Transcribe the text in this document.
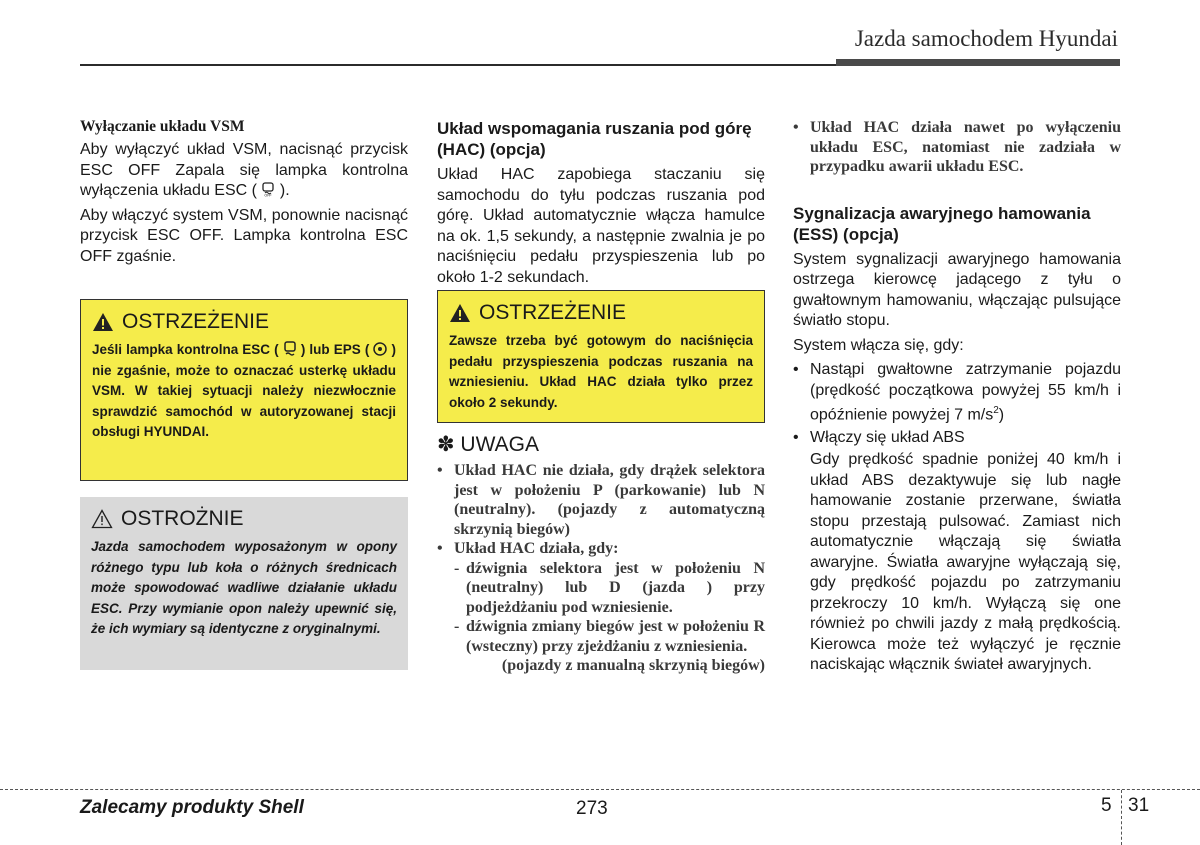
Jazda samochodem Hyundai
Wyłączanie układu VSM

Aby wyłączyć układ VSM, nacisnąć przycisk ESC OFF Zapala się lampka kontrolna wyłączenia układu ESC ( OFF ).

Aby włączyć system VSM, ponownie nacisnąć przycisk ESC OFF. Lampka kontrolna ESC OFF zgaśnie.

OSTRZEŻENIE

Jeśli lampka kontrolna ESC ( ) lub EPS ( ) nie zgaśnie, może to oznaczać usterkę układu VSM. W takiej sytuacji należy niezwłocznie sprawdzić samochód w autoryzowanej stacji obsługi HYUNDAI.

OSTROŻNIE

Jazda samochodem wyposażonym w opony różnego typu lub koła o różnych średnicach może spowodować wadliwe działanie układu ESC. Przy wymianie opon należy upewnić się, że ich wymiary są identyczne z oryginalnymi.

Układ wspomagania ruszania pod górę (HAC) (opcja)

Układ HAC zapobiega staczaniu się samochodu do tyłu podczas ruszania pod górę. Układ automatycznie włącza hamulce na ok. 1,5 sekundy, a następnie zwalnia je po naciśnięciu pedału przyspieszenia lub po około 1-2 sekundach.

OSTRZEŻENIE

Zawsze trzeba być gotowym do naciśnięcia pedału przyspieszenia podczas ruszania na wzniesieniu. Układ HAC działa tylko przez około 2 sekundy.

✽ UWAGA
• Układ HAC nie działa, gdy drążek selektora jest w położeniu P (parkowanie) lub N (neutralny). (pojazdy z automatyczną skrzynią biegów)
• Układ HAC działa, gdy:
- dźwignia selektora jest w położeniu N (neutralny) lub D (jazda ) przy podjeżdżaniu pod wzniesienie.
- dźwignia zmiany biegów jest w położeniu R (wsteczny) przy zjeżdżaniu z wzniesienia.
(pojazdy z manualną skrzynią biegów)
• Układ HAC działa nawet po wyłączeniu układu ESC, natomiast nie zadziała w przypadku awarii układu ESC.
Sygnalizacja awaryjnego hamowania (ESS) (opcja)

System sygnalizacji awaryjnego hamowania ostrzega kierowcę jadącego z tyłu o gwałtownym hamowaniu, włączając pulsujące światło stopu.

System włącza się, gdy:

• Nastąpi gwałtowne zatrzymanie pojazdu (prędkość początkowa powyżej 55 km/h i opóźnienie powyżej 7 $m/s^2$)
• Włączy się układ ABS
Gdy prędkość spadnie poniżej 40 km/h i układ ABS dezaktywuje się lub nagłe hamowanie zostanie przerwane, światła stopu przestają pulsować. Zamiast nich automatycznie włączają się światła awaryjne. Światła awaryjne wyłączają się, gdy prędkość pojazdu po zatrzymaniu przekroczy 10 km/h. Wyłączą się one również po chwili jazdy z małą prędkością. Kierowca może też wyłączyć je ręcznie naciskając włącznik świateł awaryjnych.
Zalecamy produkty Shell	273	5 31
